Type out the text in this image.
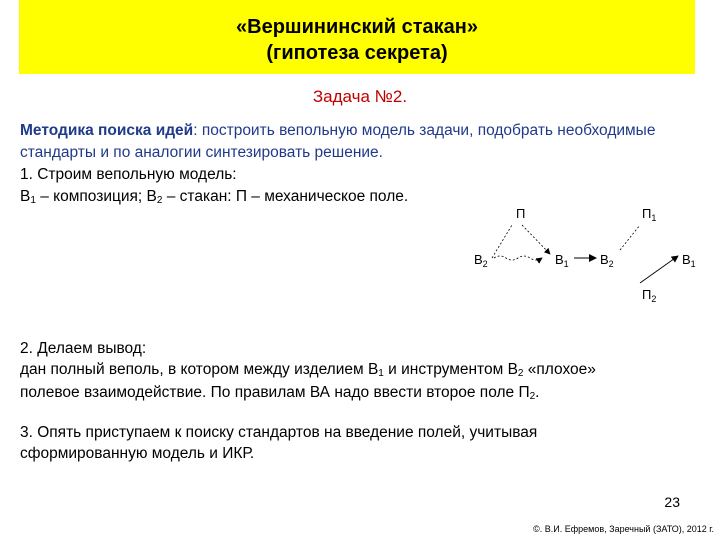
«Вершининский стакан»
(гипотеза секрета)
Задача №2.

Методика поиска идей: построить вепольную модель задачи, подобрать необходимые стандарты и по аналогии синтезировать решение.

1. Строим вепольную модель:

$В_1$ – композиция; $В_2$ – стакан: П – механическое поле.

П
$В_2$	$В_1$
$П_1$
$В_2$	$В_1$
$П_2$

2. Делаем вывод:

дан полный веполь, в котором между изделием $В_1$ и инструментом $В_2$ «плохое»

полевое взаимодействие. По правилам ВА надо ввести второе поле $П_2$.

3. Опять приступаем к поиску стандартов на введение полей, учитывая

сформированную модель и ИКР.

23
©. В.И. Ефремов, Заречный (ЗАТО), 2012 г.
